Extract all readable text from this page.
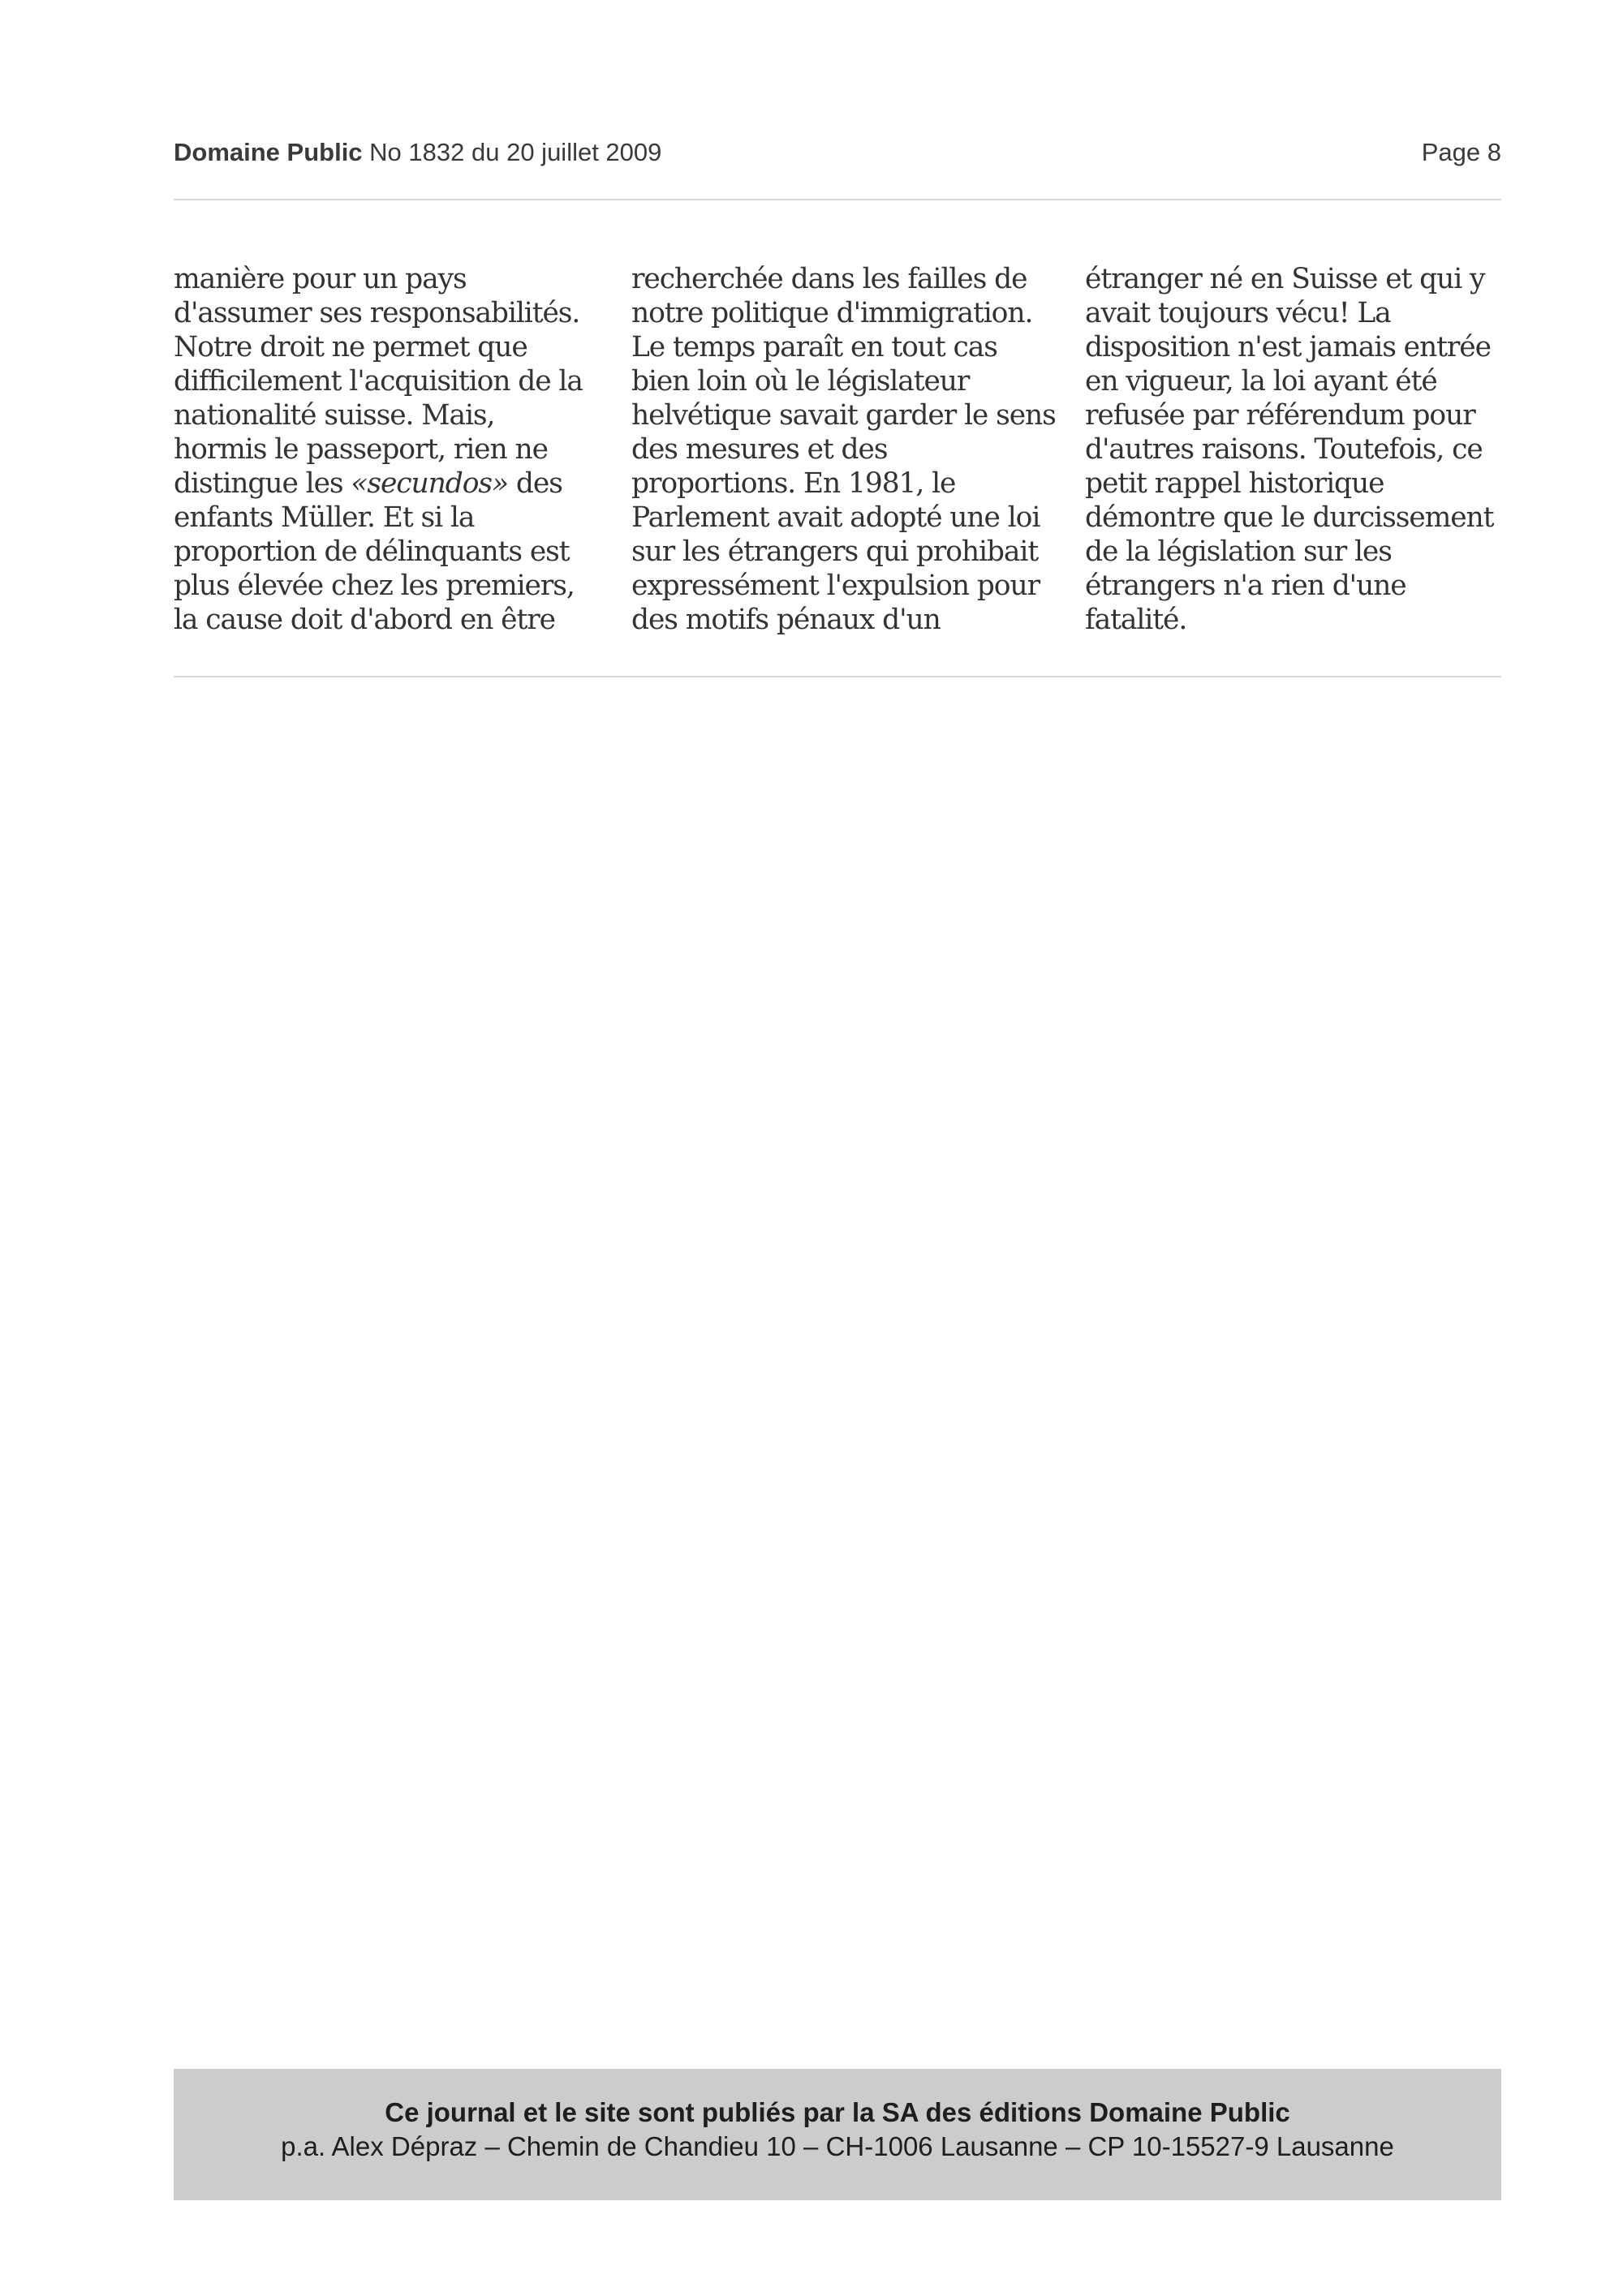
Domaine Public No 1832 du 20 juillet 2009	Page 8
manière pour un pays
d'assumer ses responsabilités.
Notre droit ne permet que
difficilement l'acquisition de la
nationalité suisse. Mais,
hormis le passeport, rien ne
distingue les «secundos» des
enfants Müller. Et si la
proportion de délinquants est
plus élevée chez les premiers,
la cause doit d'abord en être
recherchée dans les failles de
notre politique d'immigration.
Le temps paraît en tout cas
bien loin où le législateur
helvétique savait garder le sens
des mesures et des
proportions. En 1981, le
Parlement avait adopté une loi
sur les étrangers qui prohibait
expressément l'expulsion pour
des motifs pénaux d'un
étranger né en Suisse et qui y
avait toujours vécu! La
disposition n'est jamais entrée
en vigueur, la loi ayant été
refusée par référendum pour
d'autres raisons. Toutefois, ce
petit rappel historique
démontre que le durcissement
de la législation sur les
étrangers n'a rien d'une
fatalité.
Ce journal et le site sont publiés par la SA des éditions Domaine Public
p.a. Alex Dépraz – Chemin de Chandieu 10 – CH-1006 Lausanne – CP 10-15527-9 Lausanne
